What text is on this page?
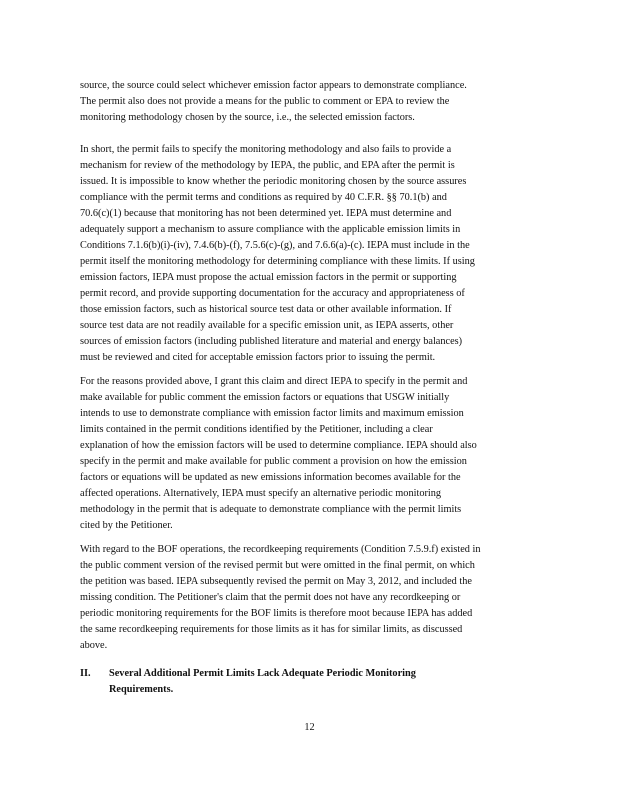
source, the source could select whichever emission factor appears to demonstrate compliance.
The permit also does not provide a means for the public to comment or EPA to review the
monitoring methodology chosen by the source, i.e., the selected emission factors.

In short, the permit fails to specify the monitoring methodology and also fails to provide a
mechanism for review of the methodology by IEPA, the public, and EPA after the permit is
issued. It is impossible to know whether the periodic monitoring chosen by the source assures
compliance with the permit terms and conditions as required by 40 C.F.R. §§ 70.1(b) and
70.6(c)(1) because that monitoring has not been determined yet. IEPA must determine and
adequately support a mechanism to assure compliance with the applicable emission limits in
Conditions 7.1.6(b)(i)-(iv), 7.4.6(b)-(f), 7.5.6(c)-(g), and 7.6.6(a)-(c). IEPA must include in the
permit itself the monitoring methodology for determining compliance with these limits. If using
emission factors, IEPA must propose the actual emission factors in the permit or supporting
permit record, and provide supporting documentation for the accuracy and appropriateness of
those emission factors, such as historical source test data or other available information. If
source test data are not readily available for a specific emission unit, as IEPA asserts, other
sources of emission factors (including published literature and material and energy balances)
must be reviewed and cited for acceptable emission factors prior to issuing the permit.

For the reasons provided above, I grant this claim and direct IEPA to specify in the permit and
make available for public comment the emission factors or equations that USGW initially
intends to use to demonstrate compliance with emission factor limits and maximum emission
limits contained in the permit conditions identified by the Petitioner, including a clear
explanation of how the emission factors will be used to determine compliance. IEPA should also
specify in the permit and make available for public comment a provision on how the emission
factors or equations will be updated as new emissions information becomes available for the
affected operations. Alternatively, IEPA must specify an alternative periodic monitoring
methodology in the permit that is adequate to demonstrate compliance with the permit limits
cited by the Petitioner.

With regard to the BOF operations, the recordkeeping requirements (Condition 7.5.9.f) existed in
the public comment version of the revised permit but were omitted in the final permit, on which
the petition was based. IEPA subsequently revised the permit on May 3, 2012, and included the
missing condition. The Petitioner's claim that the permit does not have any recordkeeping or
periodic monitoring requirements for the BOF limits is therefore moot because IEPA has added
the same recordkeeping requirements for those limits as it has for similar limits, as discussed
above.

II. Several Additional Permit Limits Lack Adequate Periodic Monitoring
Requirements.
12
